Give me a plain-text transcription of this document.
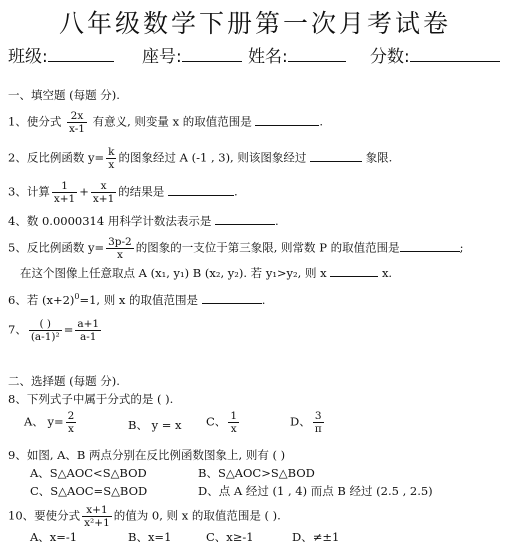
八年级数学下册第一次月考试卷
班级:	座号:	姓名:	分数:
一、填空题 (每题 分).
1、使分式 $\frac{2x}{x-1}$ 有意义, 则变量 x 的取值范围是	.
2、反比例函数 $y= \frac{k}{x}$ 的图象经过 A (-1 , 3), 则该图象经过	象限.
3、计算 $\frac{1}{x+1} + \frac{x}{x+1}$ 的结果是	.
4、数 0.0000314 用科学计数法表示是	.
5、反比例函数 $y= \frac{3p-2}{x}$ 的图象的一支位于第三象限, 则常数 P 的取值范围是	;
在这个图像上任意取点 A (x₁, y₁) B (x₂, y₂). 若 y₁>y₂, 则 x	x.
6、若 $(x+2)^0=1$, 则 x 的取值范围是	.
7、 $\frac{( )}{\text{(a-1)²}} = \frac{a+1}{a-1}$
二、选择题 (每题 分).
8、下列式子中属于分式的是 ( ).
A、 $y= \frac{2}{x}$	B、 y = x C、 $\frac{1}{x}$	D、 $\frac{3}{\pi}$
9、如图, A、B 两点分别在反比例函数图象上, 则有 ( )
A、S△AOC<S△BOD	B、S△AOC>S△BOD
C、S△AOC=S△BOD	D、点 A 经过 (1 , 4) 而点 B 经过 (2.5 , 2.5)
10、要使分式 $\frac{x+1}{\text{x²+1}}$ 的值为 0, 则 x 的取值范围是 ( ).
A、x=-1	B、x=1	C、x≥-1	D、≠±1
